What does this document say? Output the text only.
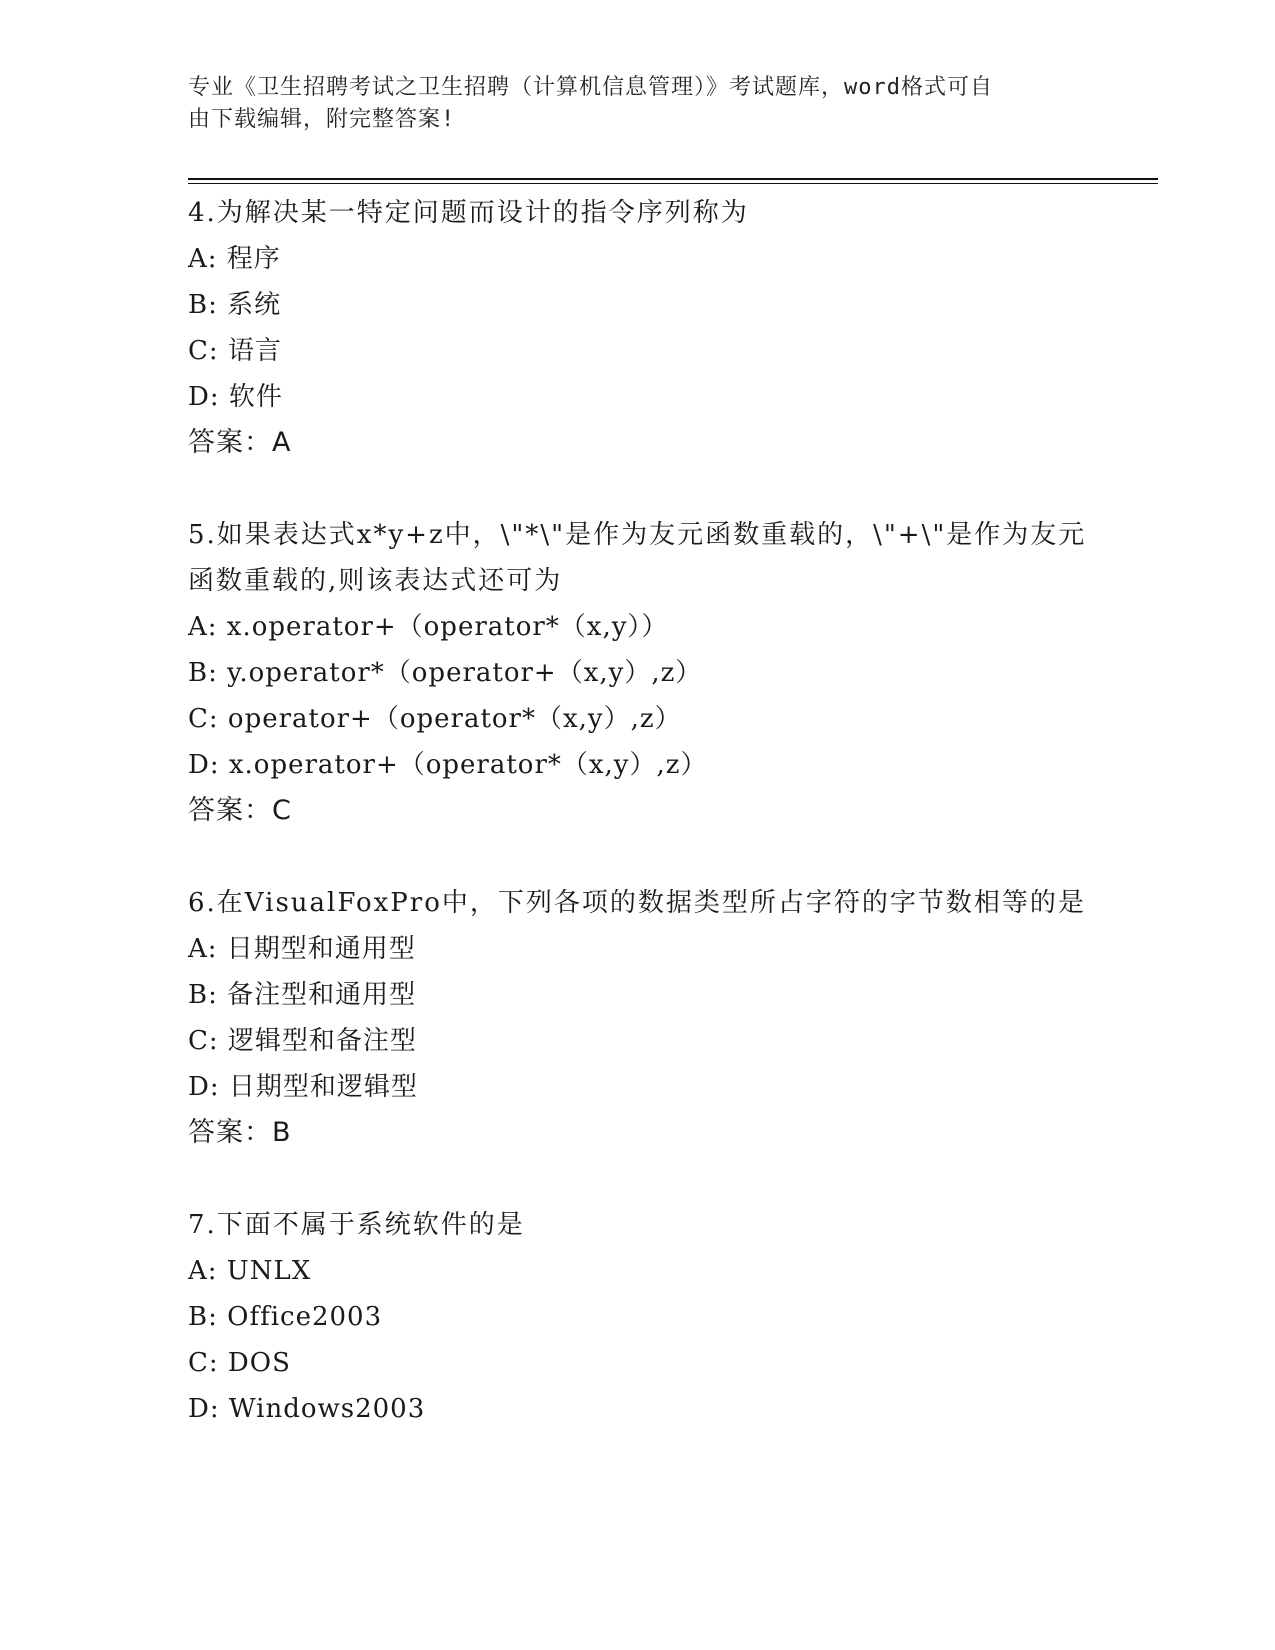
专业《卫生招聘考试之卫生招聘（计算机信息管理）》考试题库，word格式可自
由下载编辑，附完整答案!
4.为解决某一特定问题而设计的指令序列称为
A: 程序
B: 系统
C: 语言
D: 软件
答案：A
5.如果表达式x*y+z中，\"*\"是作为友元函数重载的，\"+\"是作为友元函数重载的,则该表达式还可为
A: x.operator+（operator*（x,y））
B: y.operator*（operator+（x,y）,z）
C: operator+（operator*（x,y）,z）
D: x.operator+（operator*（x,y）,z）
答案：C
6.在VisualFoxPro中，下列各项的数据类型所占字符的字节数相等的是
A: 日期型和通用型
B: 备注型和通用型
C: 逻辑型和备注型
D: 日期型和逻辑型
答案：B
7.下面不属于系统软件的是
A: UNLX
B: Office2003
C: DOS
D: Windows2003
